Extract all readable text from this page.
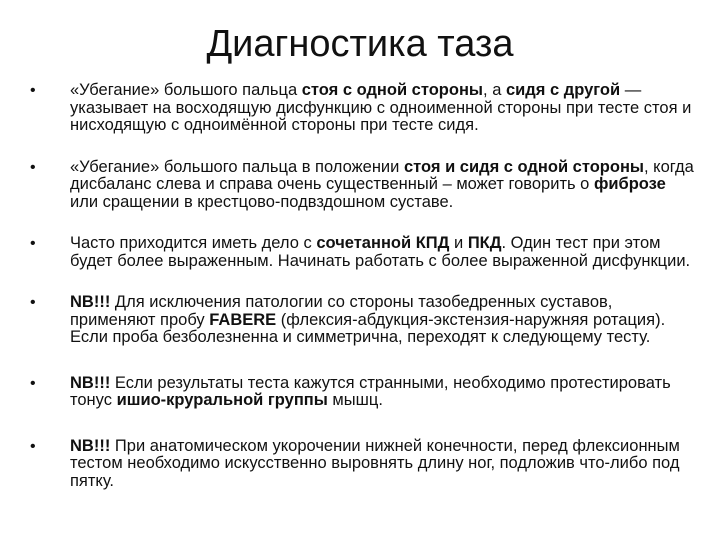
Диагностика таза
•	«Убегание» большого пальца стоя с одной стороны, а сидя с другой — указывает на восходящую дисфункцию с одноименной стороны при тесте стоя и нисходящую с одноимённой стороны при тесте сидя.
•	«Убегание» большого пальца в положении стоя и сидя с одной стороны, когда дисбаланс слева и справа очень существенный – может говорить о фиброзе или сращении в крестцово-подвздошном суставе.
•	Часто приходится иметь дело с сочетанной КПД и ПКД. Один тест при этом будет более выраженным. Начинать работать с более выраженной дисфункции.
•	NB!!! Для исключения патологии со стороны тазобедренных суставов, применяют пробу FABERE (флексия-абдукция-экстензия-наружняя ротация). Если проба безболезненна и симметрична, переходят к следующему тесту.
•	NB!!! Если результаты теста кажутся странными, необходимо протестировать тонус ишио-круральной группы мышц.
•	NB!!! При анатомическом укорочении нижней конечности, перед флексионным тестом необходимо искусственно выровнять длину ног, подложив что-либо под пятку.
